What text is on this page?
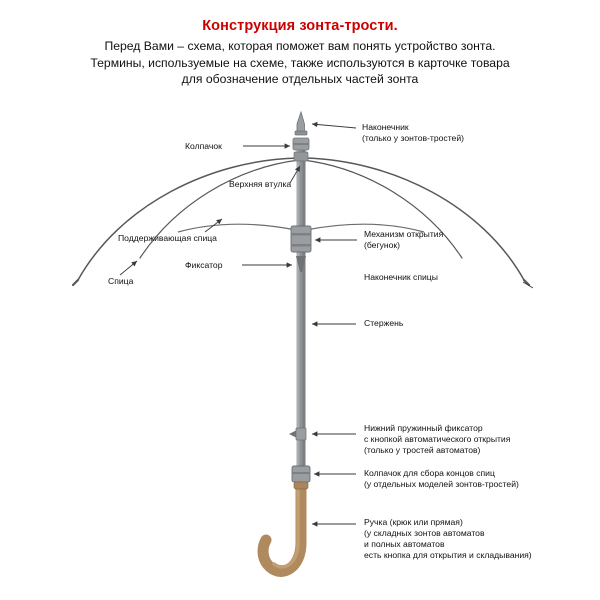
Конструкция зонта-трости.

Перед Вами – схема, которая поможет вам понять устройство зонта.
Термины, используемые на схеме, также используются в карточке товара
для обозначение отдельных частей зонта
Наконечник
(только у зонтов-тростей)
Колпачок
Верхняя втулка
Поддерживающая спица
Спица
Фиксатор
Механизм открытия
(бегунок)
Наконечник спицы
Стержень
Нижний пружинный фиксатор
с кнопкой автоматического открытия
(только у тростей автоматов)
Колпачок для сбора концов спиц
(у отдельных моделей зонтов-тростей)
Ручка (крюк или прямая)
(у складных зонтов автоматов
и полных автоматов
есть кнопка для открытия и складывания)
